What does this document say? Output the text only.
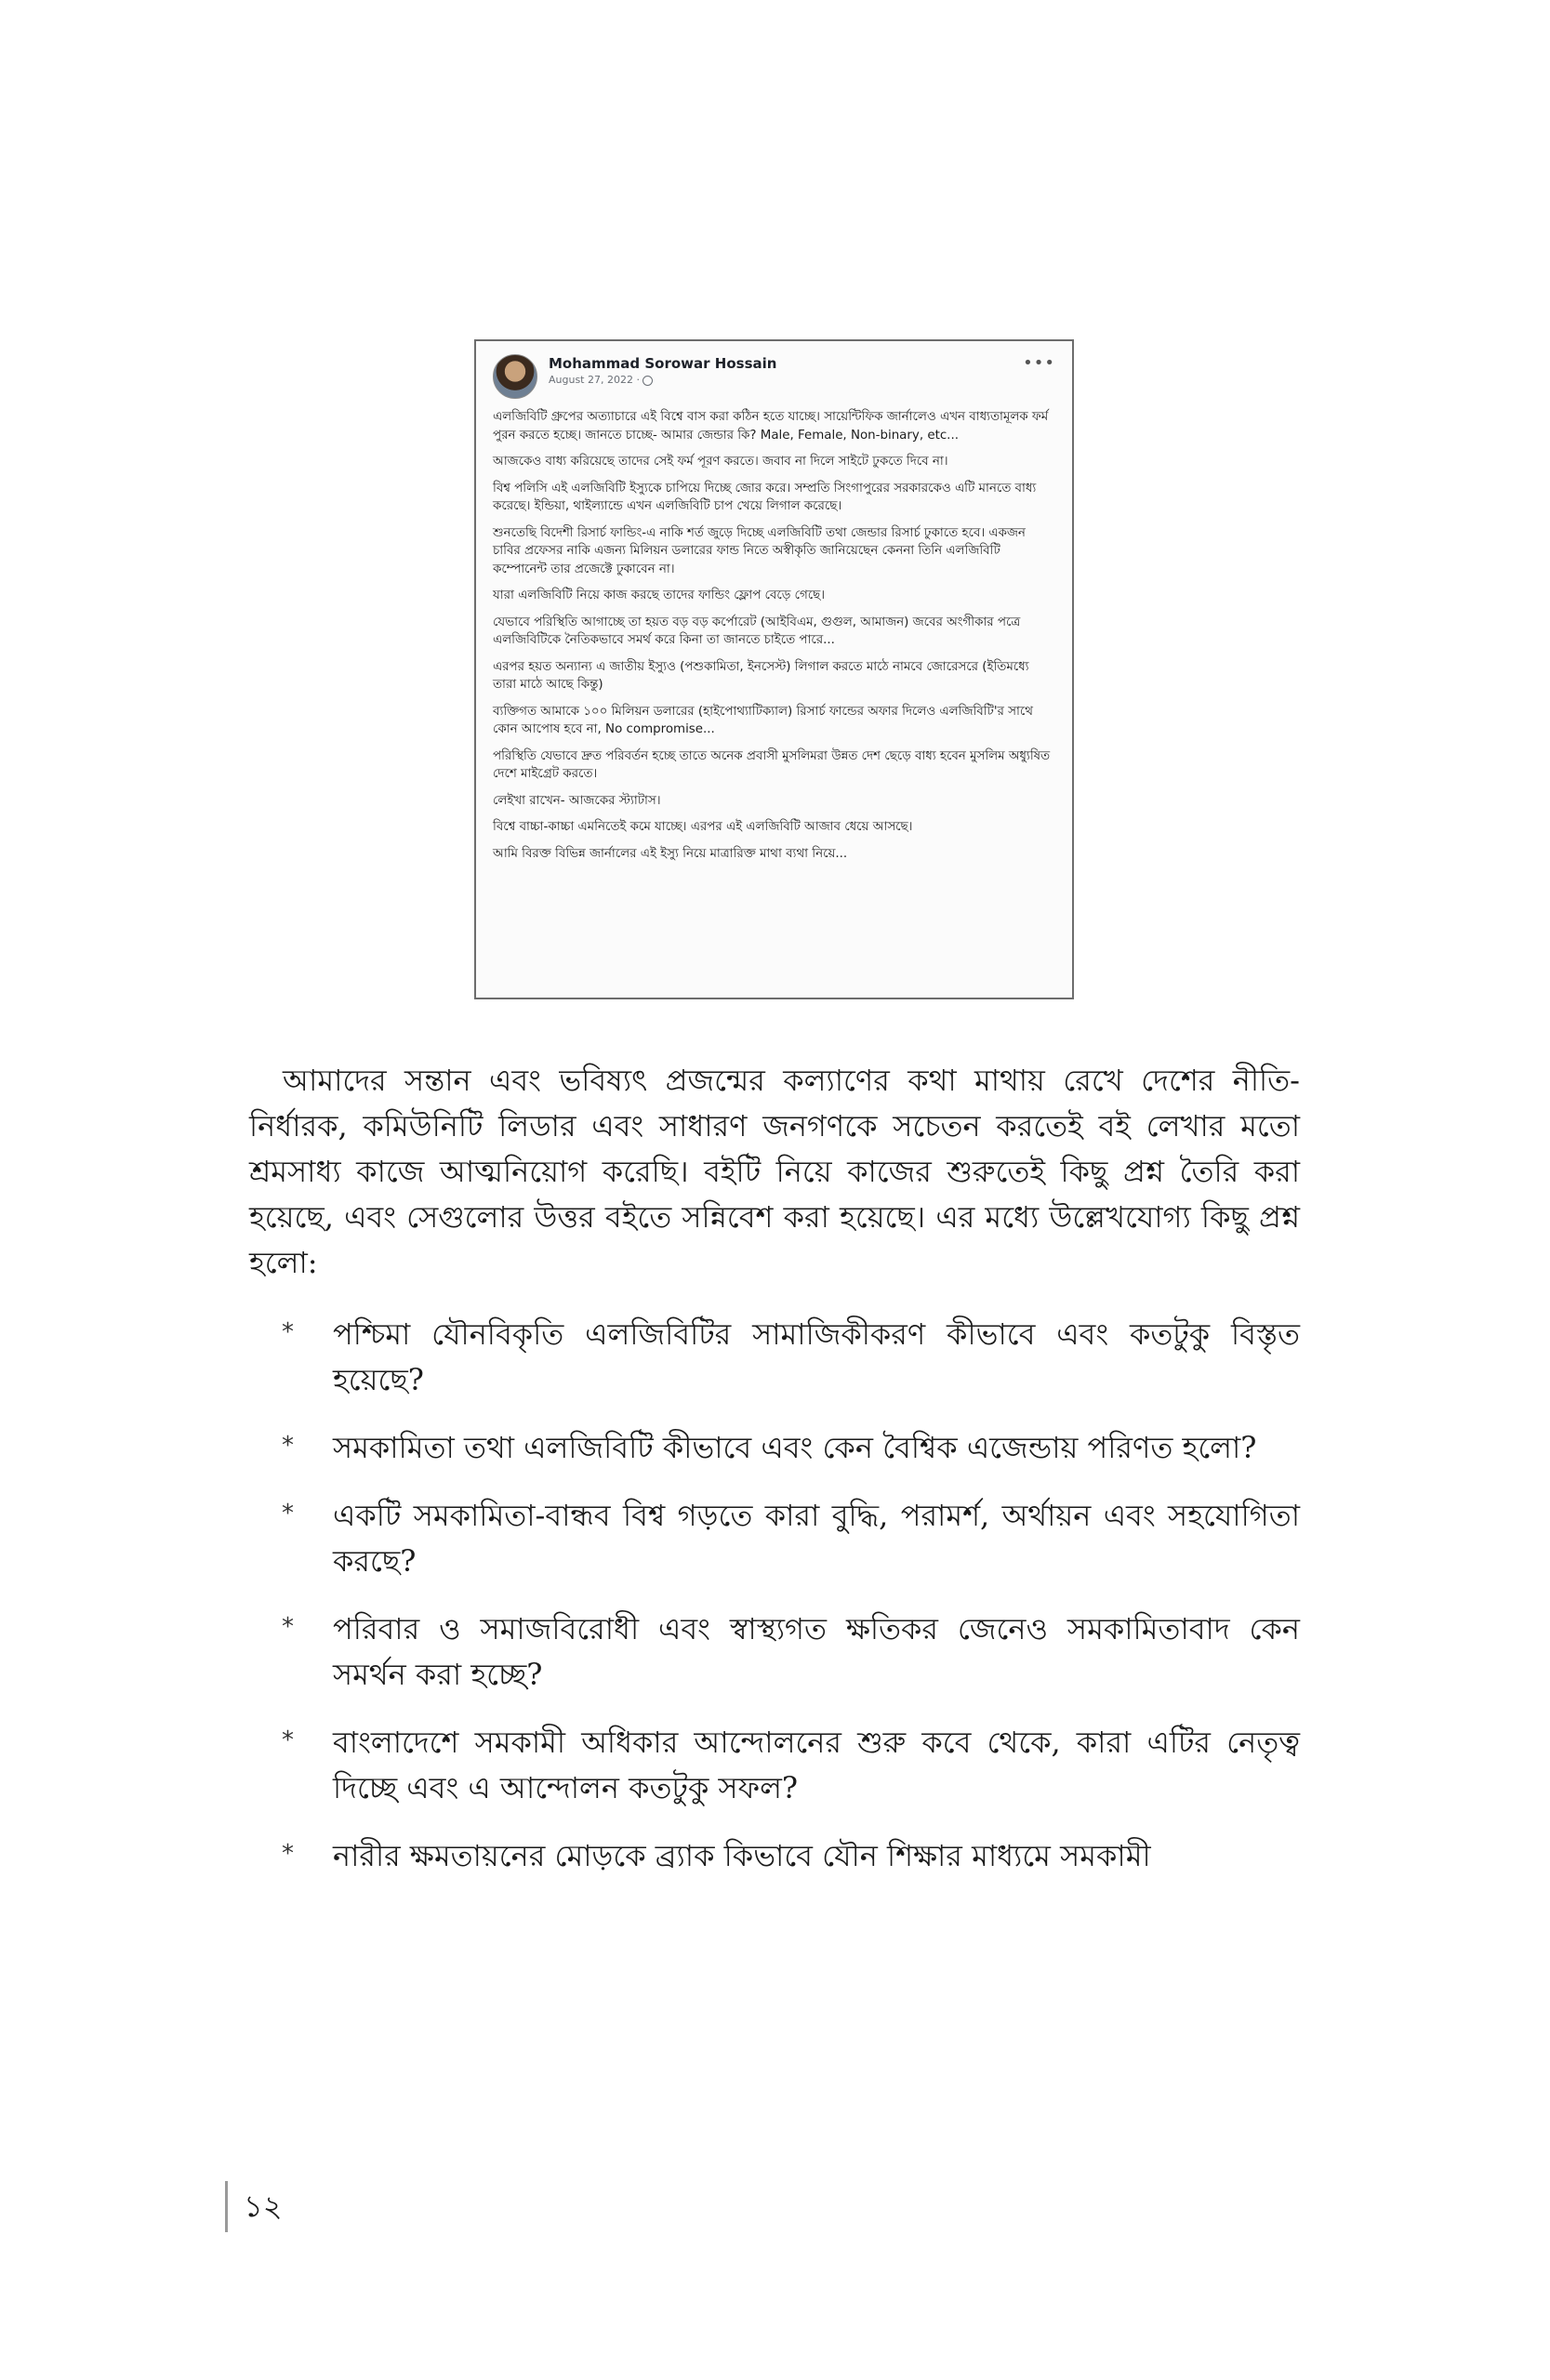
Mohammad Sorowar Hossain
August 27, 2022 ·
•••

এলজিবিটি গ্রুপের অত্যাচারে এই বিশ্বে বাস করা কঠিন হতে যাচ্ছে। সায়েন্টিফিক জার্নালেও এখন বাধ্যতামূলক ফর্ম পুরন করতে হচ্ছে। জানতে চাচ্ছে- আমার জেন্ডার কি? Male, Female, Non-binary, etc...

আজকেও বাধ্য করিয়েছে তাদের সেই ফর্ম পূরণ করতে। জবাব না দিলে সাইটে ঢুকতে দিবে না।

বিশ্ব পলিসি এই এলজিবিটি ইস্যুকে চাপিয়ে দিচ্ছে জোর করে। সম্প্রতি সিংগাপুরের সরকারকেও এটি মানতে বাধ্য করেছে। ইন্ডিয়া, থাইল্যান্ডে এখন এলজিবিটি চাপ খেয়ে লিগাল করেছে।

শুনতেছি বিদেশী রিসার্চ ফান্ডিং-এ নাকি শর্ত জুড়ে দিচ্ছে এলজিবিটি তথা জেন্ডার রিসার্চ ঢুকাতে হবে। একজন চাবির প্রফেসর নাকি এজন্য মিলিয়ন ডলারের ফান্ড নিতে অস্বীকৃতি জানিয়েছেন কেননা তিনি এলজিবিটি কম্পোনেন্ট তার প্রজেক্টে ঢুকাবেন না।

যারা এলজিবিটি নিয়ে কাজ করছে তাদের ফান্ডিং ফ্লোপ বেড়ে গেছে।

যেভাবে পরিস্থিতি আগাচ্ছে তা হয়ত বড় বড় কর্পোরেট (আইবিএম, গুগুল, আমাজন) জবের অংগীকার পত্রে এলজিবিটিকে নৈতিকভাবে সমর্থ করে কিনা তা জানতে চাইতে পারে...

এরপর হয়ত অন্যান্য এ জাতীয় ইস্যুও (পশুকামিতা, ইনসেস্ট) লিগাল করতে মাঠে নামবে জোরেসরে (ইতিমধ্যে তারা মাঠে আছে কিন্তু)

ব্যক্তিগত আমাকে ১০০ মিলিয়ন ডলারের (হাইপোথ্যাটিক্যাল) রিসার্চ ফান্ডের অফার দিলেও এলজিবিটি'র সাথে কোন আপোষ হবে না, No compromise...

পরিস্থিতি যেভাবে দ্রুত পরিবর্তন হচ্ছে তাতে অনেক প্রবাসী মুসলিমরা উন্নত দেশ ছেড়ে বাধ্য হবেন মুসলিম অধ্যুষিত দেশে মাইগ্রেট করতে।

লেইখা রাখেন- আজকের স্ট্যাটাস।

বিশ্বে বাচ্চা-কাচ্চা এমনিতেই কমে যাচ্ছে। এরপর এই এলজিবিটি আজাব ধেয়ে আসছে।

আমি বিরক্ত বিভিন্ন জার্নালের এই ইস্যু নিয়ে মাত্রারিক্ত মাথা ব্যথা নিয়ে...

আমাদের সন্তান এবং ভবিষ্যৎ প্রজন্মের কল্যাণের কথা মাথায় রেখে দেশের নীতি-নির্ধারক, কমিউনিটি লিডার এবং সাধারণ জনগণকে সচেতন করতেই বই লেখার মতো শ্রমসাধ্য কাজে আত্মনিয়োগ করেছি। বইটি নিয়ে কাজের শুরুতেই কিছু প্রশ্ন তৈরি করা হয়েছে, এবং সেগুলোর উত্তর বইতে সন্নিবেশ করা হয়েছে। এর মধ্যে উল্লেখযোগ্য কিছু প্রশ্ন হলো:

* পশ্চিমা যৌনবিকৃতি এলজিবিটির সামাজিকীকরণ কীভাবে এবং কতটুকু বিস্তৃত হয়েছে?
* সমকামিতা তথা এলজিবিটি কীভাবে এবং কেন বৈশ্বিক এজেন্ডায় পরিণত হলো?
* একটি সমকামিতা-বান্ধব বিশ্ব গড়তে কারা বুদ্ধি, পরামর্শ, অর্থায়ন এবং সহযোগিতা করছে?
* পরিবার ও সমাজবিরোধী এবং স্বাস্থ্যগত ক্ষতিকর জেনেও সমকামিতাবাদ কেন সমর্থন করা হচ্ছে?
* বাংলাদেশে সমকামী অধিকার আন্দোলনের শুরু কবে থেকে, কারা এটির নেতৃত্ব দিচ্ছে এবং এ আন্দোলন কতটুকু সফল?
* নারীর ক্ষমতায়নের মোড়কে ব্র্যাক কিভাবে যৌন শিক্ষার মাধ্যমে সমকামী
১২
